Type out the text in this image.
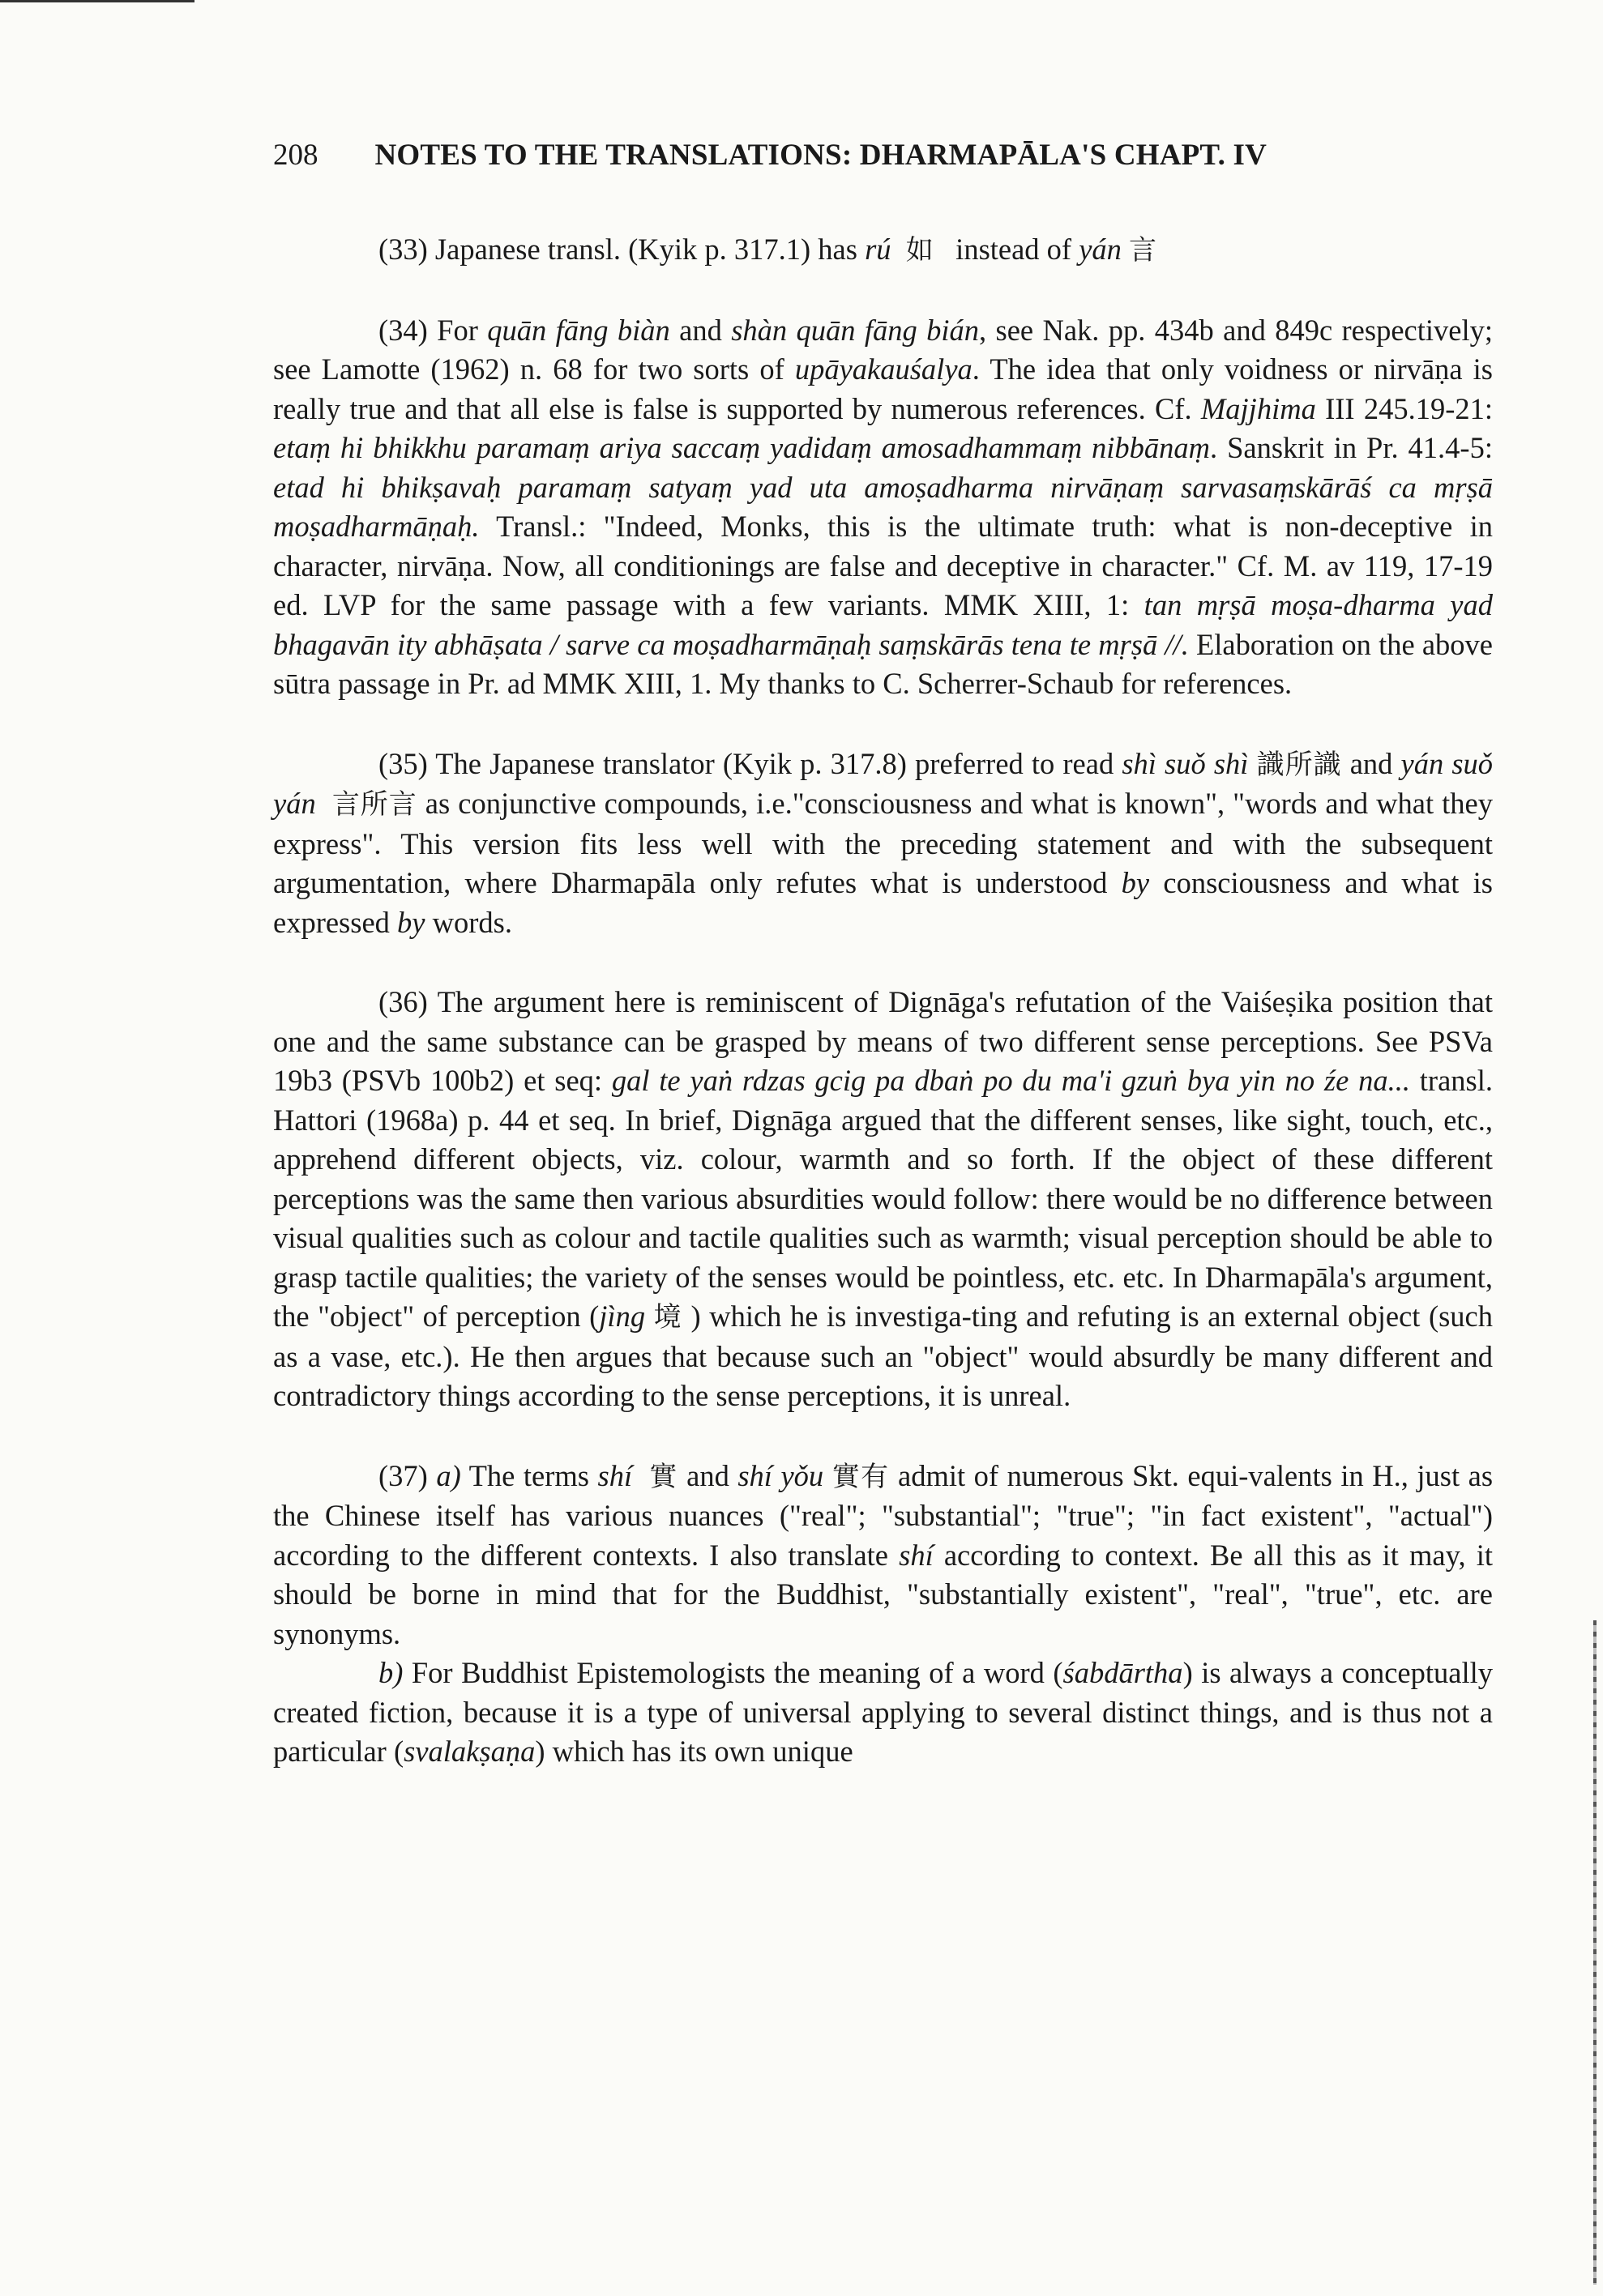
208 NOTES TO THE TRANSLATIONS: DHARMAPĀLA'S CHAPT. IV

(33) Japanese transl. (Kyik p. 317.1) has rú 如   instead of yán 言

(34) For quān fāng biàn and shàn quān fāng bián, see Nak. pp. 434b and 849c respectively; see Lamotte (1962) n. 68 for two sorts of upāyakauśalya. The idea that only voidness or nirvāṇa is really true and that all else is false is supported by numerous references. Cf. Majjhima III 245.19-21: etaṃ hi bhikkhu paramaṃ ariya saccaṃ yadidaṃ amosadhammaṃ nibbānaṃ. Sanskrit in Pr. 41.4-5: etad hi bhikṣavaḥ paramaṃ satyaṃ yad uta amoṣadharma nirvāṇaṃ sarvasaṃskārāś ca mṛṣā moṣadharmāṇaḥ. Transl.: "Indeed, Monks, this is the ultimate truth: what is non-deceptive in character, nirvāṇa. Now, all conditionings are false and deceptive in character." Cf. M. av 119, 17-19 ed. LVP for the same passage with a few variants. MMK XIII, 1: tan mṛṣā moṣa-dharma yad bhagavān ity abhāṣata / sarve ca moṣadharmāṇaḥ saṃskārās tena te mṛṣā //. Elaboration on the above sūtra passage in Pr. ad MMK XIII, 1. My thanks to C. Scherrer-Schaub for references.

(35) The Japanese translator (Kyik p. 317.8) preferred to read shì suǒ shì 識所識 and yán suǒ yán 言所言 as conjunctive compounds, i.e."consciousness and what is known", "words and what they express". This version fits less well with the preceding statement and with the subsequent argumentation, where Dharmapāla only refutes what is understood by consciousness and what is expressed by words.

(36) The argument here is reminiscent of Dignāga's refutation of the Vaiśeṣika position that one and the same substance can be grasped by means of two different sense perceptions. See PSVa 19b3 (PSVb 100b2) et seq: gal te yaṅ rdzas gcig pa dbaṅ po du ma'i gzuṅ bya yin no źe na... transl. Hattori (1968a) p. 44 et seq. In brief, Dignāga argued that the different senses, like sight, touch, etc., apprehend different objects, viz. colour, warmth and so forth. If the object of these different perceptions was the same then various absurdities would follow: there would be no difference between visual qualities such as colour and tactile qualities such as warmth; visual perception should be able to grasp tactile qualities; the variety of the senses would be pointless, etc. etc. In Dharmapāla's argument, the "object" of perception (jìng 境 ) which he is investiga-ting and refuting is an external object (such as a vase, etc.). He then argues that because such an "object" would absurdly be many different and contradictory things according to the sense perceptions, it is unreal.

(37) a) The terms shí 實 and shí yǒu 實有 admit of numerous Skt. equi-valents in H., just as the Chinese itself has various nuances ("real"; "substantial"; "true"; "in fact existent", "actual") according to the different contexts. I also translate shí according to context. Be all this as it may, it should be borne in mind that for the Buddhist, "substantially existent", "real", "true", etc. are synonyms.

b) For Buddhist Epistemologists the meaning of a word (śabdārtha) is always a conceptually created fiction, because it is a type of universal applying to several distinct things, and is thus not a particular (svalakṣaṇa) which has its own unique
